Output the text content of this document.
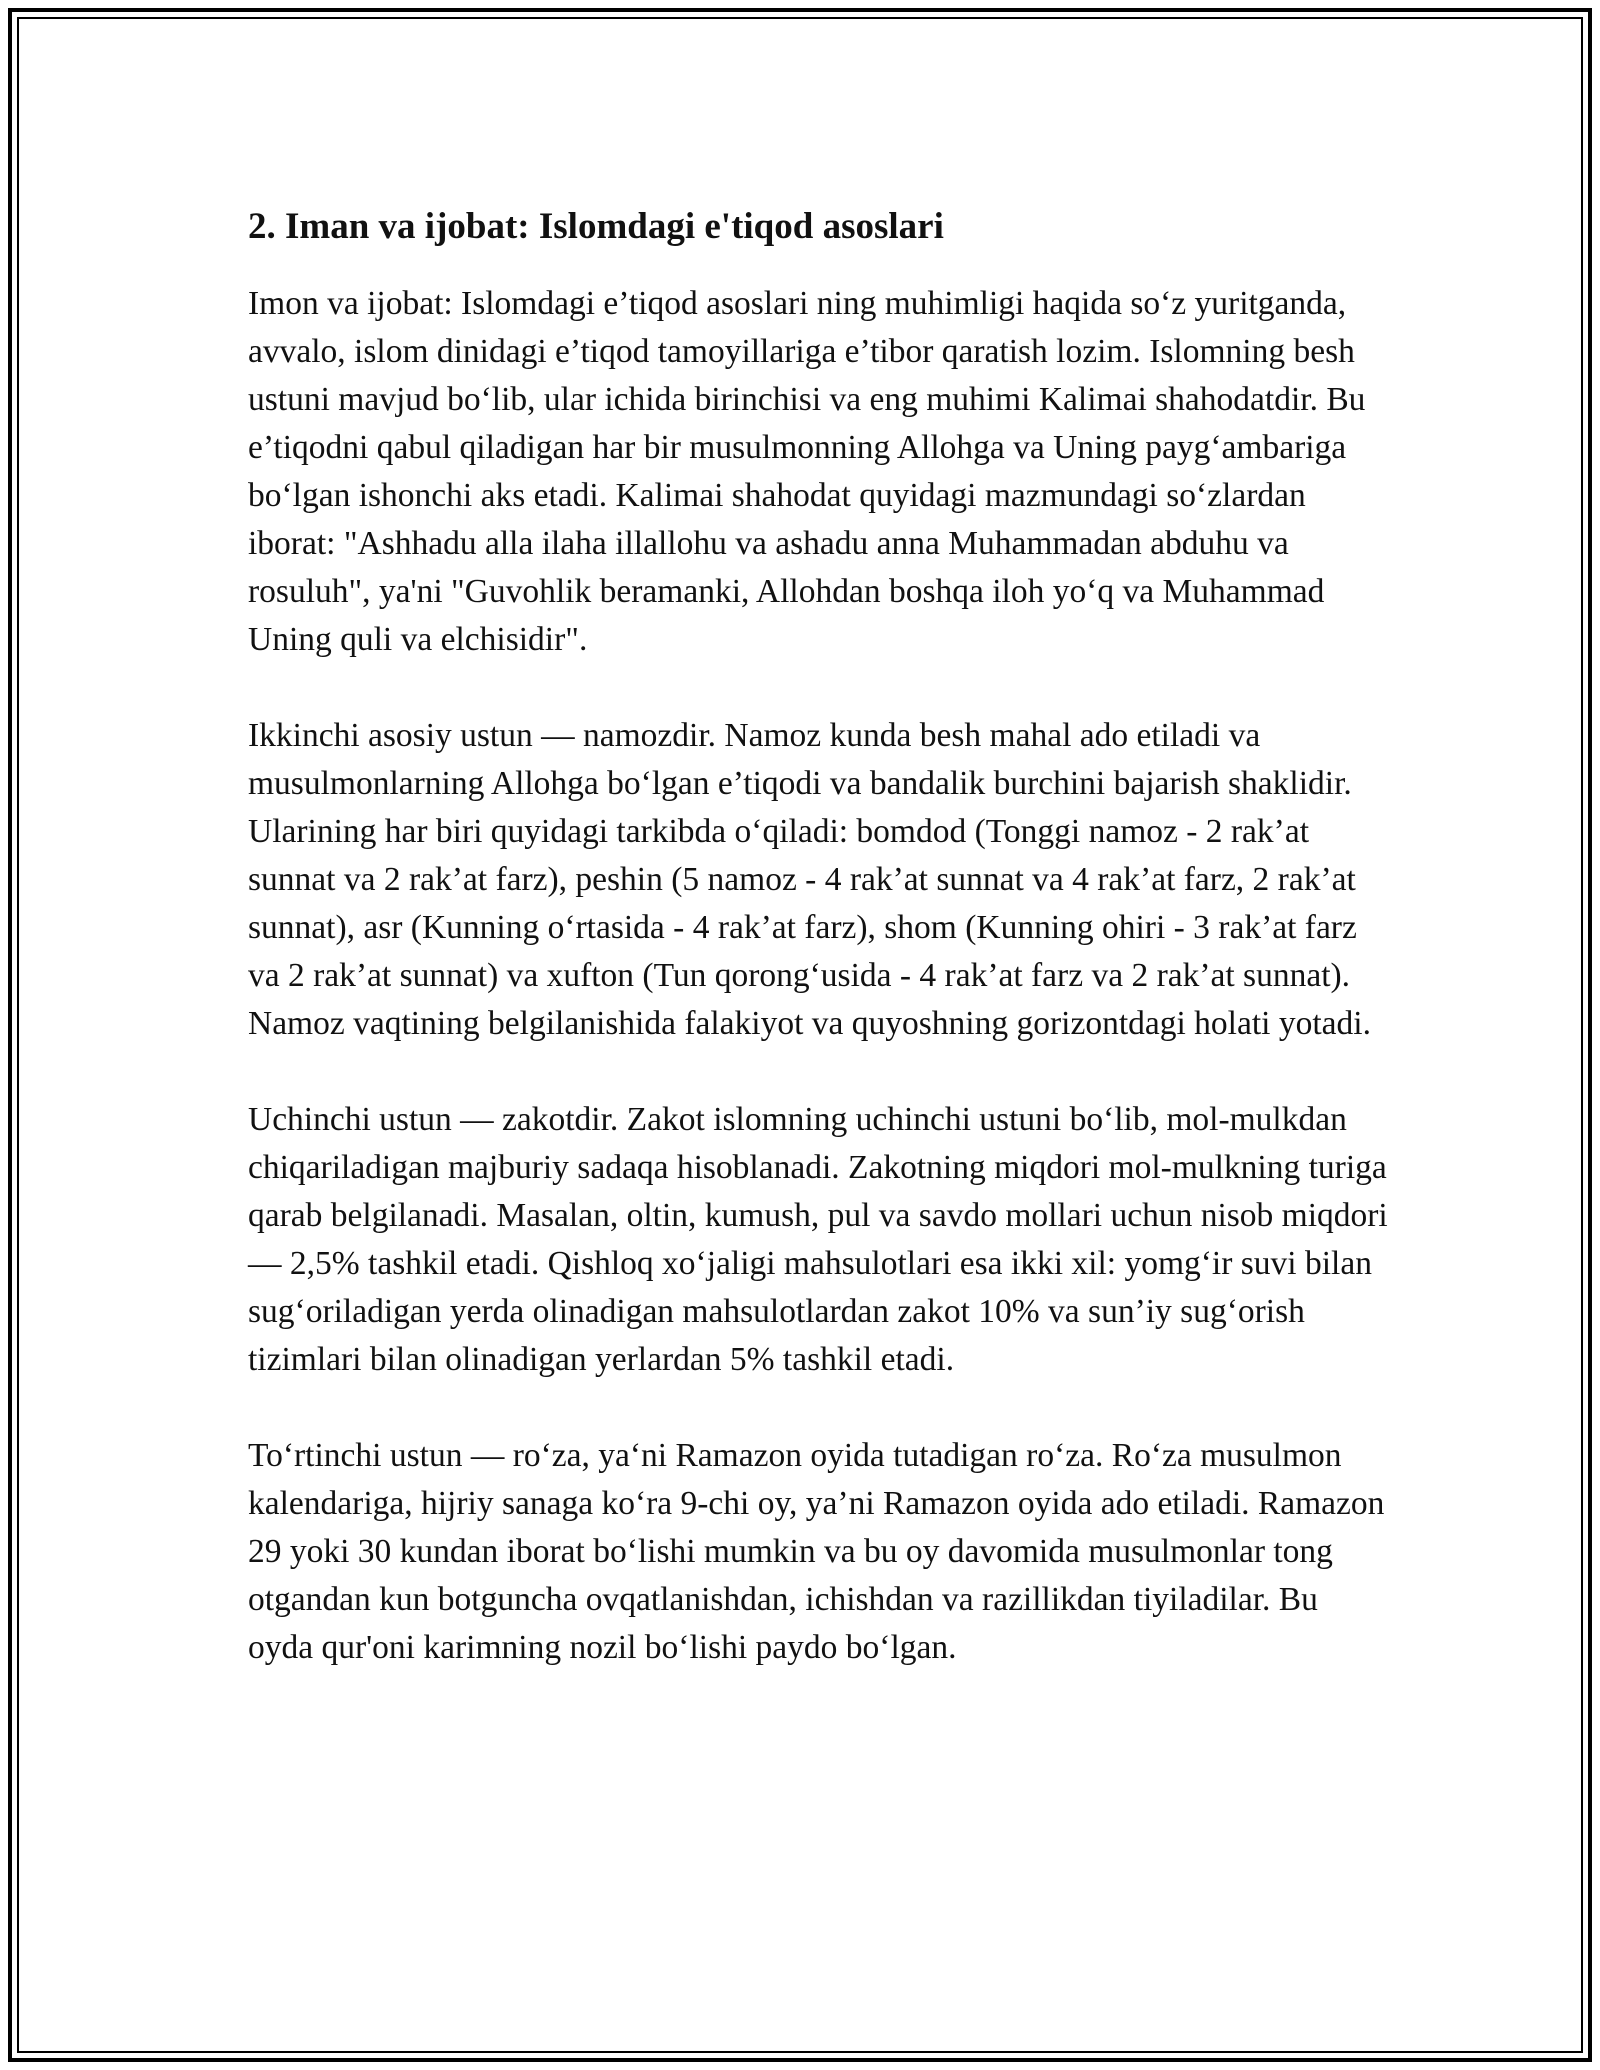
2. Iman va ijobat: Islomdagi e'tiqod asoslari

Imon va ijobat: Islomdagi e’tiqod asoslari ning muhimligi haqida so‘z yuritganda, avvalo, islom dinidagi e’tiqod tamoyillariga e’tibor qaratish lozim. Islomning besh ustuni mavjud bo‘lib, ular ichida birinchisi va eng muhimi Kalimai shahodatdir. Bu e’tiqodni qabul qiladigan har bir musulmonning Allohga va Uning payg‘ambariga bo‘lgan ishonchi aks etadi. Kalimai shahodat quyidagi mazmundagi so‘zlardan iborat: "Ashhadu alla ilaha illallohu va ashadu anna Muhammadan abduhu va rosuluh", ya'ni "Guvohlik beramanki, Allohdan boshqa iloh yo‘q va Muhammad Uning quli va elchisidir".

Ikkinchi asosiy ustun — namozdir. Namoz kunda besh mahal ado etiladi va musulmonlarning Allohga bo‘lgan e’tiqodi va bandalik burchini bajarish shaklidir. Ularining har biri quyidagi tarkibda o‘qiladi: bomdod (Tonggi namoz - 2 rak’at sunnat va 2 rak’at farz), peshin (5 namoz - 4 rak’at sunnat va 4 rak’at farz, 2 rak’at sunnat), asr (Kunning o‘rtasida - 4 rak’at farz), shom (Kunning ohiri - 3 rak’at farz va 2 rak’at sunnat) va xufton (Tun qorong‘usida - 4 rak’at farz va 2 rak’at sunnat). Namoz vaqtining belgilanishida falakiyot va quyoshning gorizontdagi holati yotadi.

Uchinchi ustun — zakotdir. Zakot islomning uchinchi ustuni bo‘lib, mol-mulkdan chiqariladigan majburiy sadaqa hisoblanadi. Zakotning miqdori mol-mulkning turiga qarab belgilanadi. Masalan, oltin, kumush, pul va savdo mollari uchun nisob miqdori — 2,5% tashkil etadi. Qishloq xo‘jaligi mahsulotlari esa ikki xil: yomg‘ir suvi bilan sug‘oriladigan yerda olinadigan mahsulotlardan zakot 10% va sun’iy sug‘orish tizimlari bilan olinadigan yerlardan 5% tashkil etadi.

To‘rtinchi ustun — ro‘za, ya‘ni Ramazon oyida tutadigan ro‘za. Ro‘za musulmon kalendariga, hijriy sanaga ko‘ra 9-chi oy, ya’ni Ramazon oyida ado etiladi. Ramazon 29 yoki 30 kundan iborat bo‘lishi mumkin va bu oy davomida musulmonlar tong otgandan kun botguncha ovqatlanishdan, ichishdan va razillikdan tiyiladilar. Bu oyda qur'oni karimning nozil bo‘lishi paydo bo‘lgan.
